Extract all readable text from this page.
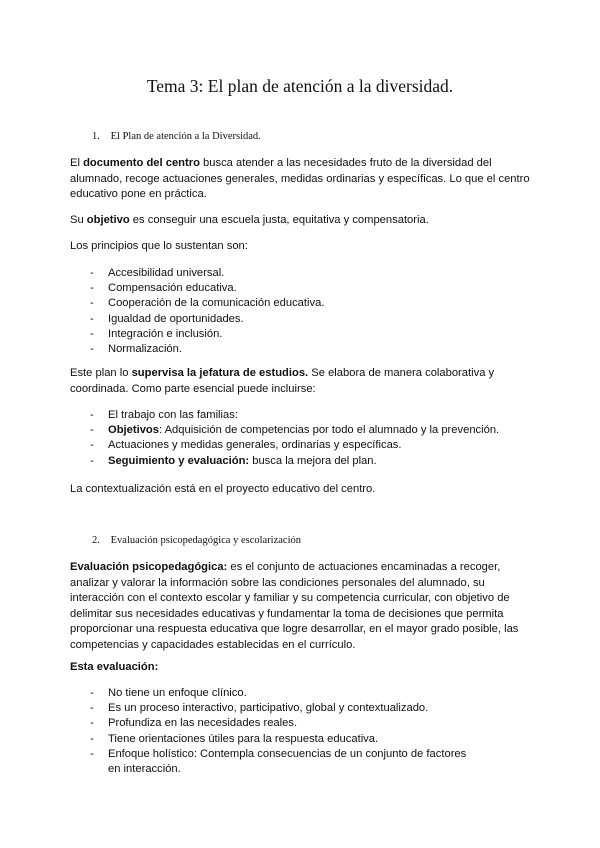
Tema 3: El plan de atención a la diversidad.
1. El Plan de atención a la Diversidad.

El documento del centro busca atender a las necesidades fruto de la diversidad del alumnado, recoge actuaciones generales, medidas ordinarias y específicas. Lo que el centro educativo pone en práctica.

Su objetivo es conseguir una escuela justa, equitativa y compensatoria.

Los principios que lo sustentan son:

- Accesibilidad universal.
- Compensación educativa.
- Cooperación de la comunicación educativa.
- Igualdad de oportunidades.
- Integración e inclusión.
- Normalización.

Este plan lo supervisa la jefatura de estudios. Se elabora de manera colaborativa y coordinada. Como parte esencial puede incluirse:

- El trabajo con las familias:
- Objetivos: Adquisición de competencias por todo el alumnado y la prevención.
- Actuaciones y medidas generales, ordinarias y específicas.
- Seguimiento y evaluación: busca la mejora del plan.

La contextualización está en el proyecto educativo del centro.

2. Evaluación psicopedagógica y escolarización

Evaluación psicopedagógica: es el conjunto de actuaciones encaminadas a recoger, analizar y valorar la información sobre las condiciones personales del alumnado, su interacción con el contexto escolar y familiar y su competencia curricular, con objetivo de delimitar sus necesidades educativas y fundamentar la toma de decisiones que permita proporcionar una respuesta educativa que logre desarrollar, en el mayor grado posible, las competencias y capacidades establecidas en el currículo.

Esta evaluación:

- No tiene un enfoque clínico.
- Es un proceso interactivo, participativo, global y contextualizado.
- Profundiza en las necesidades reales.
- Tiene orientaciones útiles para la respuesta educativa.
- Enfoque holístico: Contempla consecuencias de un conjunto de factores en interacción.
